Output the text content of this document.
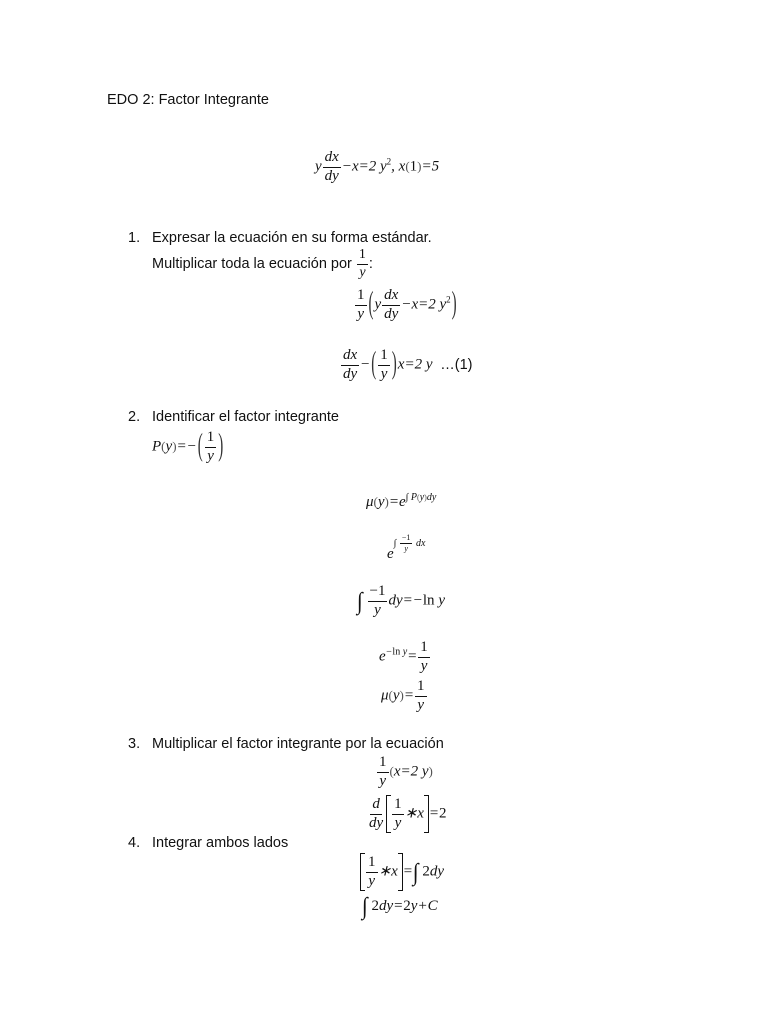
EDO 2: Factor Integrante
y $\frac{dx}{dy} -x=2$ $y^2$, x(1)=5
1. Expresar la ecuación en su forma estándar.
Multiplicar toda la ecuación por $\frac{1}{y}$ :
$\frac{1}{y} (y \frac{dx}{dy} -x=2$ $y^2$)
$\frac{dx}{dy}$ −( $\frac{1}{y} )x=2$ y …(1)
2. Identificar el factor integrante
$P(y)=-( \frac{1}{y}$ )
$\mu(y)=e^{\int P(y)dy}$
$e\int \frac{-1}{y}$ dx
∫ $\frac{-1}{y} dy=-\ln$ y
$e^{-ln y}= \frac{1}{y}$
$\mu(y)= \frac{1}{y}$
3. Multiplicar el factor integrante por la ecuación
$\frac{1}{y} (x=2$ y)
$\frac{d}{dy} \frac{1}{y}$ ∗x =2
4. Integrar ambos lados
$\frac{1}{y}$ ∗x =∫ 2dy
∫ 2dy=2y+C
